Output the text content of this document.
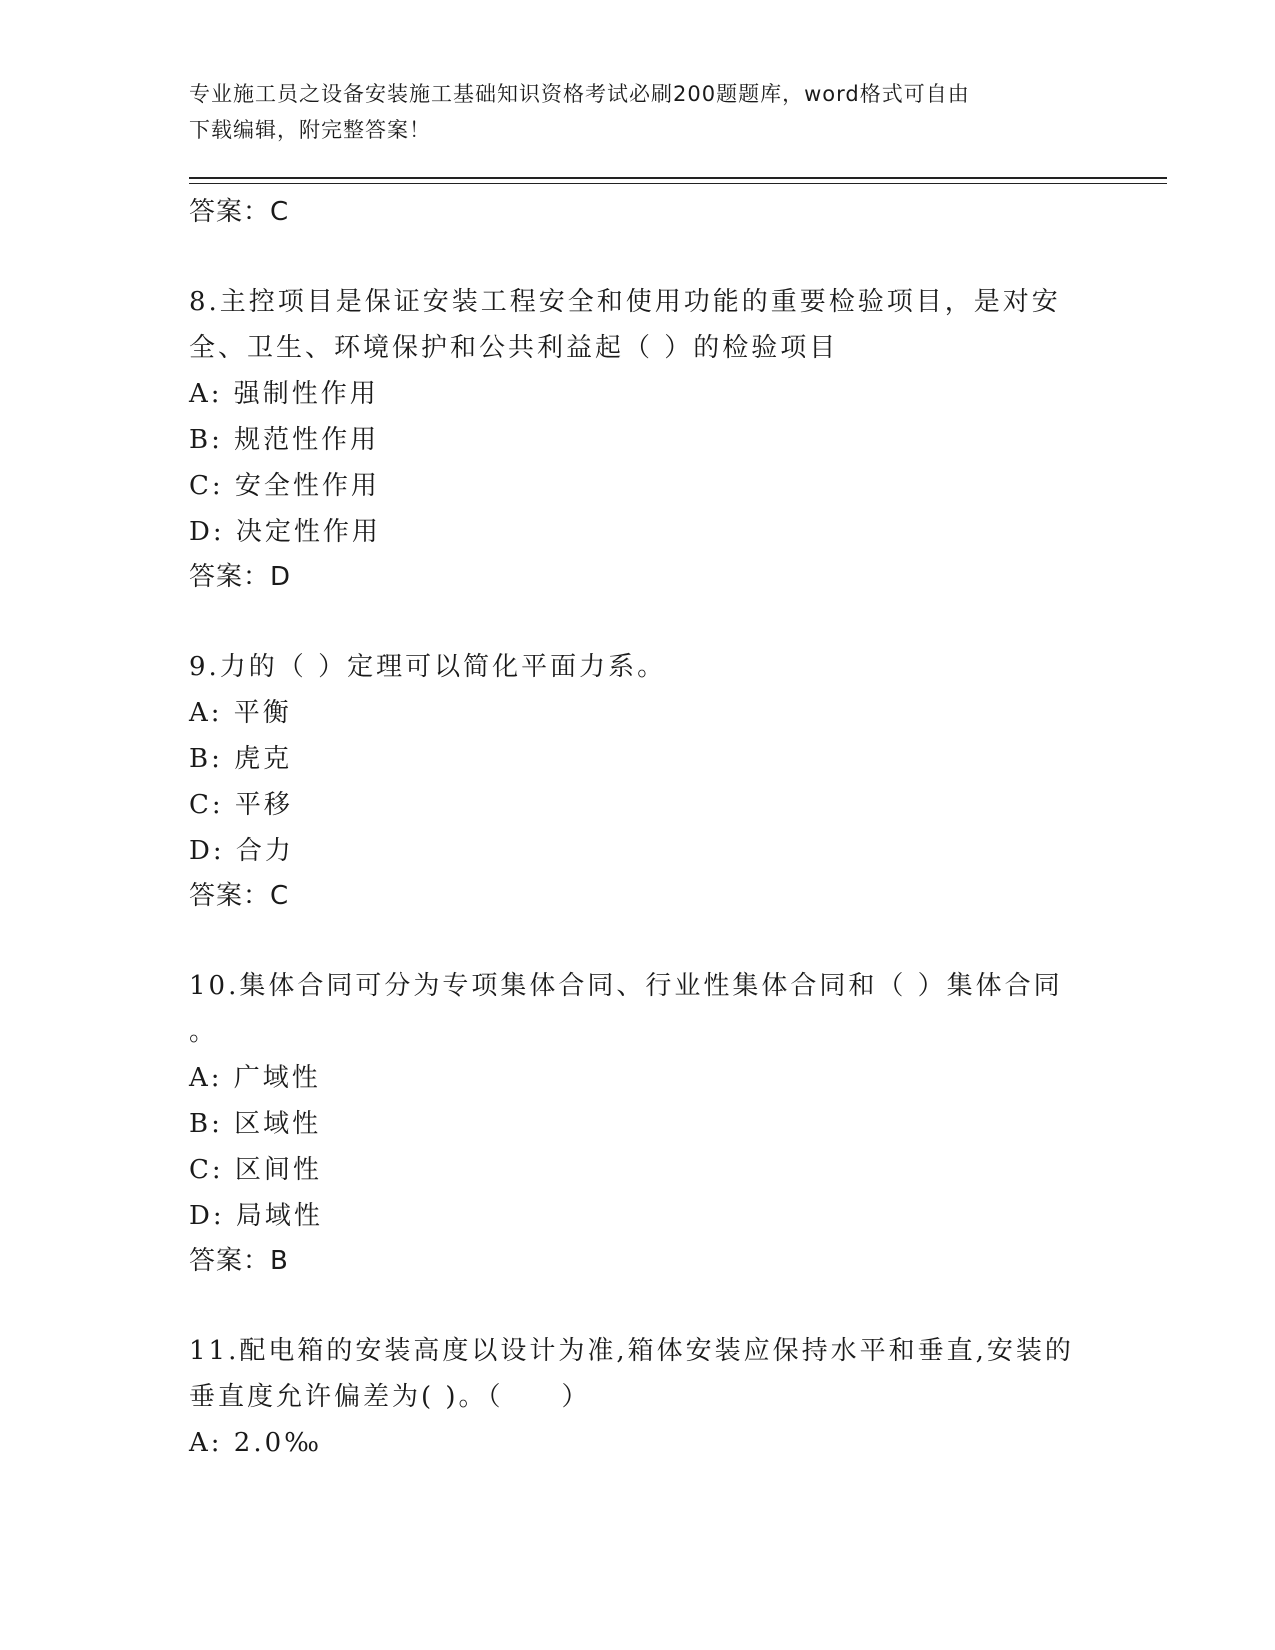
专业施工员之设备安装施工基础知识资格考试必刷200题题库，word格式可自由
下载编辑，附完整答案！
答案：C
8.主控项目是保证安装工程安全和使用功能的重要检验项目，是对安
全、卫生、环境保护和公共利益起（ ）的检验项目
A: 强制性作用
B: 规范性作用
C: 安全性作用
D: 决定性作用
答案：D
9.力的（ ）定理可以简化平面力系。
A: 平衡
B: 虎克
C: 平移
D: 合力
答案：C
10.集体合同可分为专项集体合同、行业性集体合同和（ ）集体合同
。
A: 广域性
B: 区域性
C: 区间性
D: 局域性
答案：B
11.配电箱的安装高度以设计为准,箱体安装应保持水平和垂直,安装的
垂直度允许偏差为( )。（　　）
A: 2.0‰
